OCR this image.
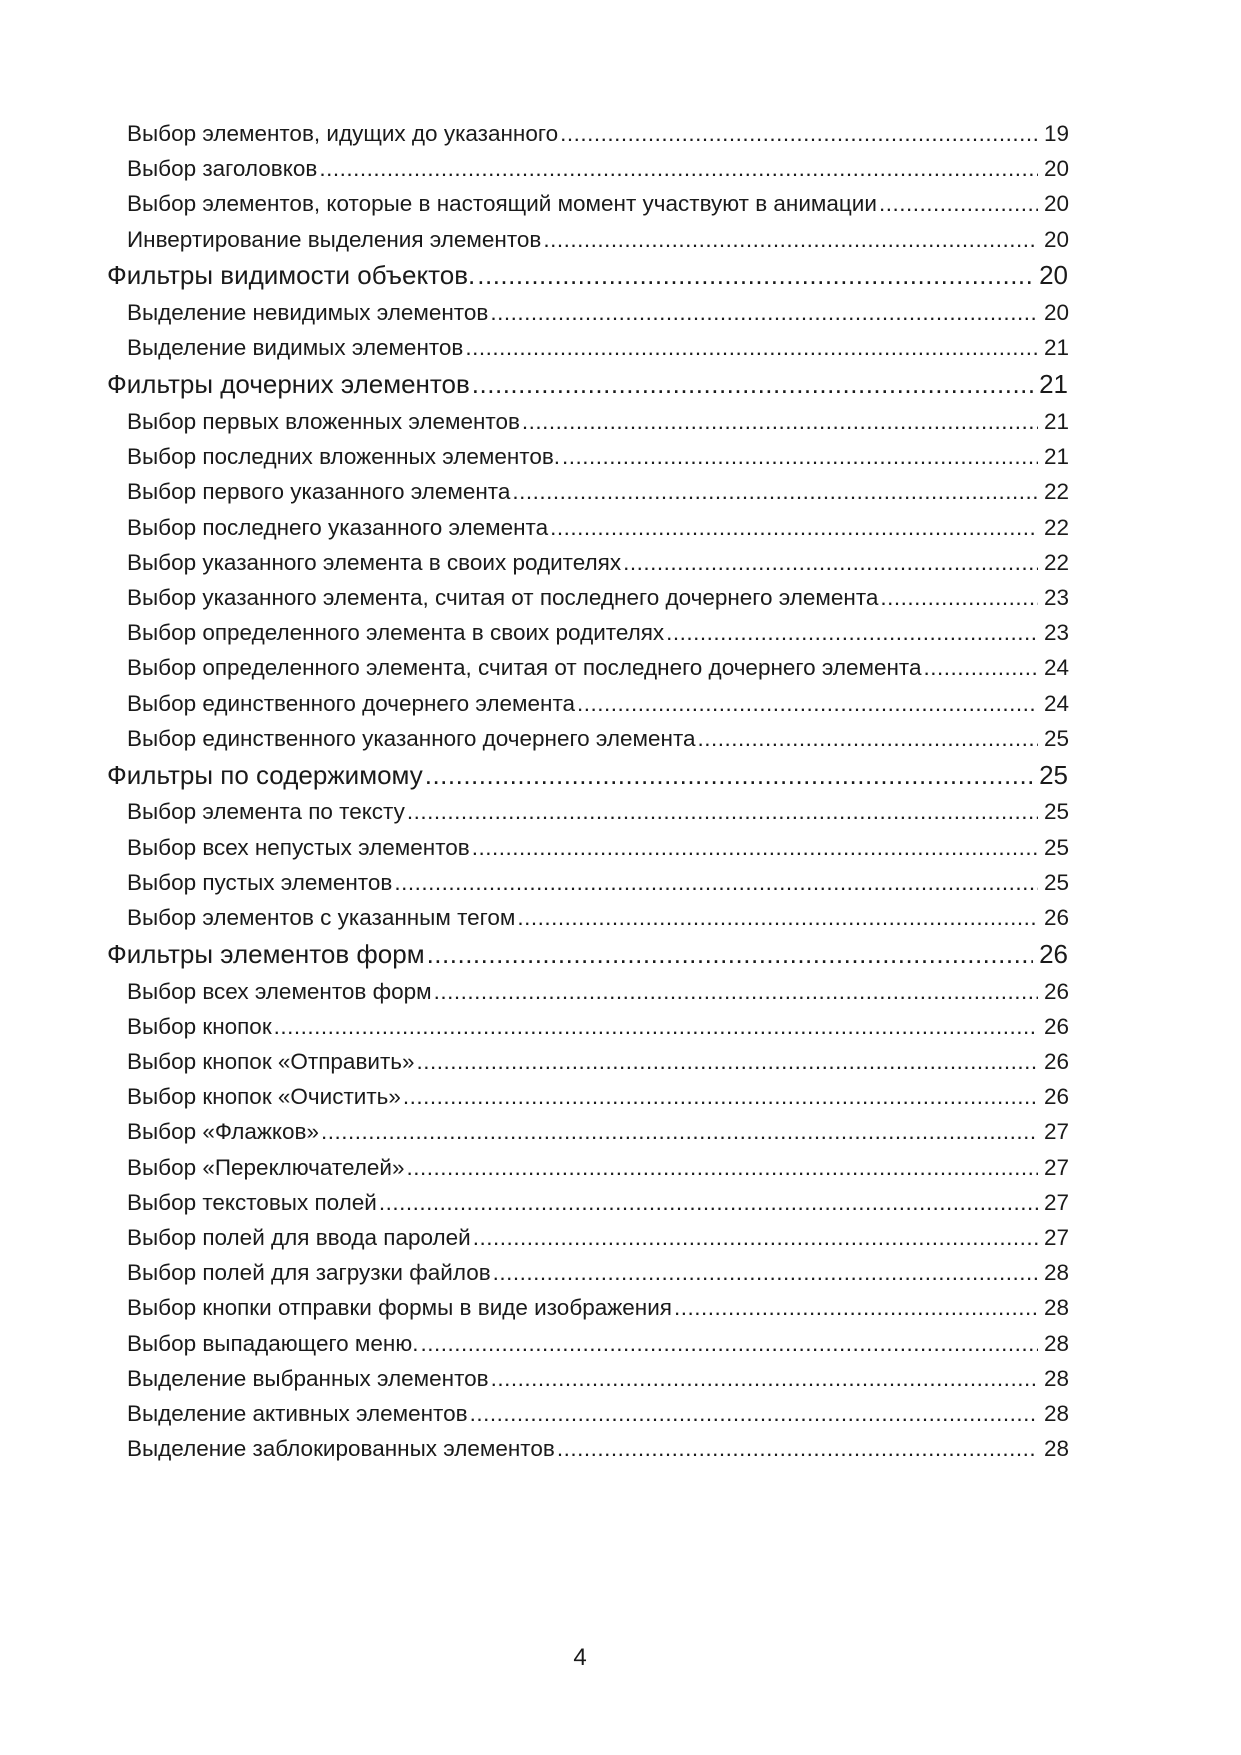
Выбор элементов, идущих до указанного .....	19
Выбор заголовков .....	20
Выбор элементов, которые в настоящий момент участвуют в анимации .....	20
Инвертирование выделения элементов .....	20
Фильтры видимости объектов. .....	20
Выделение невидимых элементов .....	20
Выделение видимых элементов .....	21
Фильтры дочерних элементов .....	21
Выбор первых вложенных элементов .....	21
Выбор последних вложенных элементов. .....	21
Выбор первого указанного элемента .....	22
Выбор последнего указанного элемента .....	22
Выбор указанного элемента в своих родителях .....	22
Выбор указанного элемента, считая от последнего дочернего элемента .....	23
Выбор определенного элемента в своих родителях .....	23
Выбор определенного элемента, считая от последнего дочернего элемента .....	24
Выбор единственного дочернего элемента .....	24
Выбор единственного указанного дочернего элемента .....	25
Фильтры по содержимому .....	25
Выбор элемента по тексту .....	25
Выбор всех непустых элементов .....	25
Выбор пустых элементов .....	25
Выбор элементов с указанным тегом .....	26
Фильтры элементов форм .....	26
Выбор всех элементов форм .....	26
Выбор кнопок .....	26
Выбор кнопок «Отправить» .....	26
Выбор кнопок «Очистить» .....	26
Выбор «Флажков» .....	27
Выбор «Переключателей» .....	27
Выбор текстовых полей .....	27
Выбор полей для ввода паролей .....	27
Выбор полей для загрузки файлов .....	28
Выбор кнопки отправки формы в виде изображения .....	28
Выбор выпадающего меню. .....	28
Выделение выбранных элементов .....	28
Выделение активных элементов .....	28
Выделение заблокированных элементов .....	28
4
